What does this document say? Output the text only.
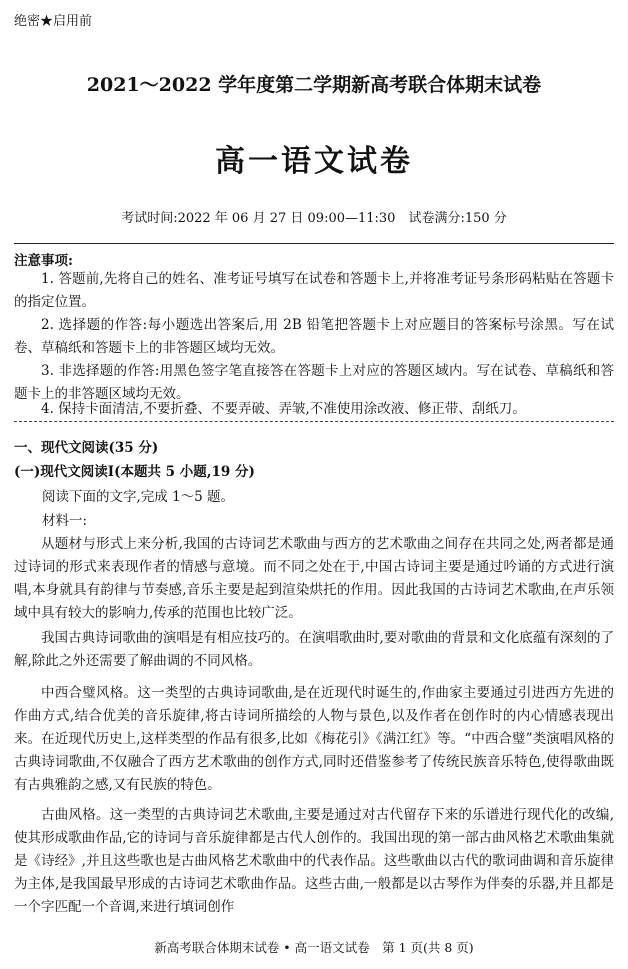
绝密★启用前
2021～2022 学年度第二学期新高考联合体期末试卷
高一语文试卷
考试时间:2022 年 06 月 27 日 09:00—11:30　试卷满分:150 分
注意事项:
1. 答题前,先将自己的姓名、准考证号填写在试卷和答题卡上,并将准考证号条形码粘贴在答题卡的指定位置。
2. 选择题的作答:每小题选出答案后,用 2B 铅笔把答题卡上对应题目的答案标号涂黑。写在试卷、草稿纸和答题卡上的非答题区域均无效。
3. 非选择题的作答:用黑色签字笔直接答在答题卡上对应的答题区域内。写在试卷、草稿纸和答题卡上的非答题区域均无效。
4. 保持卡面清洁,不要折叠、不要弄破、弄皱,不准使用涂改液、修正带、刮纸刀。
一、现代文阅读(35 分)
(一)现代文阅读Ⅰ(本题共 5 小题,19 分)
阅读下面的文字,完成 1～5 题。
材料一:
从题材与形式上来分析,我国的古诗词艺术歌曲与西方的艺术歌曲之间存在共同之处,两者都是通过诗词的形式来表现作者的情感与意境。而不同之处在于,中国古诗词主要是通过吟诵的方式进行演唱,本身就具有韵律与节奏感,音乐主要是起到渲染烘托的作用。因此我国的古诗词艺术歌曲,在声乐领域中具有较大的影响力,传承的范围也比较广泛。
我国古典诗词歌曲的演唱是有相应技巧的。在演唱歌曲时,要对歌曲的背景和文化底蕴有深刻的了解,除此之外还需要了解曲调的不同风格。
中西合璧风格。这一类型的古典诗词歌曲,是在近现代时诞生的,作曲家主要通过引进西方先进的作曲方式,结合优美的音乐旋律,将古诗词所描绘的人物与景色,以及作者在创作时的内心情感表现出来。在近现代历史上,这样类型的作品有很多,比如《梅花引》《满江红》等。“中西合璧”类演唱风格的古典诗词歌曲,不仅融合了西方艺术歌曲的创作方式,同时还借鉴参考了传统民族音乐特色,使得歌曲既有古典雅韵之感,又有民族的特色。
古曲风格。这一类型的古典诗词艺术歌曲,主要是通过对古代留存下来的乐谱进行现代化的改编,使其形成歌曲作品,它的诗词与音乐旋律都是古代人创作的。我国出现的第一部古曲风格艺术歌曲集就是《诗经》,并且这些歌也是古曲风格艺术歌曲中的代表作品。这些歌曲以古代的歌词曲调和音乐旋律为主体,是我国最早形成的古诗词艺术歌曲作品。这些古曲,一般都是以古琴作为伴奏的乐器,并且都是一个字匹配一个音调,来进行填词创作
新高考联合体期末试卷 • 高一语文试卷　第 1 页(共 8 页)
